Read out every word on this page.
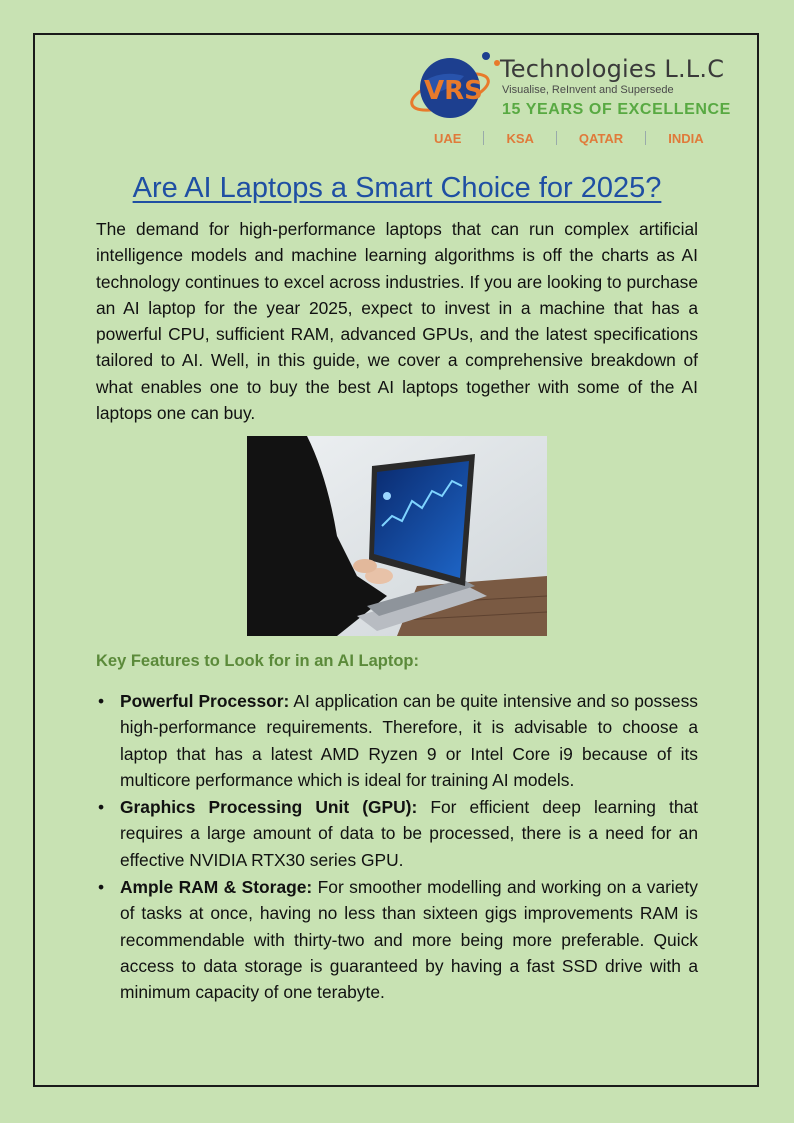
VRS
Technologies L.L.C
Visualise, ReInvent and Supersede
15 YEARS OF EXCELLENCE
UAE	KSA	QATAR	INDIA
Are AI Laptops a Smart Choice for 2025?

The demand for high-performance laptops that can run complex artificial intelligence models and machine learning algorithms is off the charts as AI technology continues to excel across industries. If you are looking to purchase an AI laptop for the year 2025, expect to invest in a machine that has a powerful CPU, sufficient RAM, advanced GPUs, and the latest specifications tailored to AI. Well, in this guide, we cover a comprehensive breakdown of what enables one to buy the best AI laptops together with some of the AI laptops one can buy.

Key Features to Look for in an AI Laptop:
• Powerful Processor: AI application can be quite intensive and so possess high-performance requirements. Therefore, it is advisable to choose a laptop that has a latest AMD Ryzen 9 or Intel Core i9 because of its multicore performance which is ideal for training AI models.
• Graphics Processing Unit (GPU): For efficient deep learning that requires a large amount of data to be processed, there is a need for an effective NVIDIA RTX30 series GPU.
• Ample RAM & Storage: For smoother modelling and working on a variety of tasks at once, having no less than sixteen gigs improvements RAM is recommendable with thirty-two and more being more preferable. Quick access to data storage is guaranteed by having a fast SSD drive with a minimum capacity of one terabyte.
